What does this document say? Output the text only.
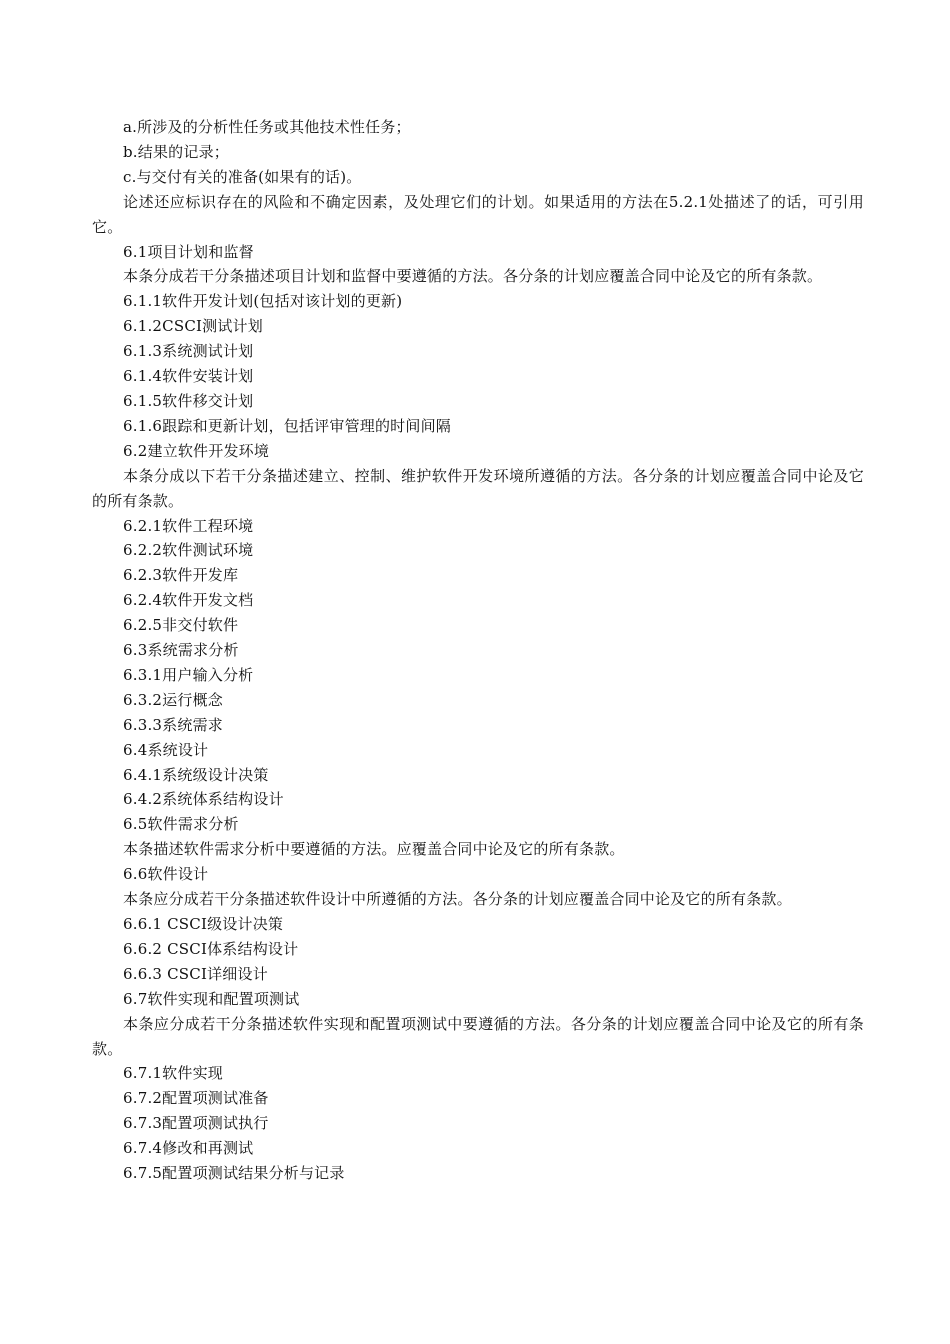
a.所涉及的分析性任务或其他技术性任务；

b.结果的记录；

c.与交付有关的准备(如果有的话)。

论述还应标识存在的风险和不确定因素，及处理它们的计划。如果适用的方法在5.2.1处描述了的话，可引用它。

6.1项目计划和监督

本条分成若干分条描述项目计划和监督中要遵循的方法。各分条的计划应覆盖合同中论及它的所有条款。

6.1.1软件开发计划(包括对该计划的更新)

6.1.2CSCI测试计划

6.1.3系统测试计划

6.1.4软件安装计划

6.1.5软件移交计划

6.1.6跟踪和更新计划，包括评审管理的时间间隔

6.2建立软件开发环境

本条分成以下若干分条描述建立、控制、维护软件开发环境所遵循的方法。各分条的计划应覆盖合同中论及它的所有条款。

6.2.1软件工程环境

6.2.2软件测试环境

6.2.3软件开发库

6.2.4软件开发文档

6.2.5非交付软件

6.3系统需求分析

6.3.1用户输入分析

6.3.2运行概念

6.3.3系统需求

6.4系统设计

6.4.1系统级设计决策

6.4.2系统体系结构设计

6.5软件需求分析

本条描述软件需求分析中要遵循的方法。应覆盖合同中论及它的所有条款。

6.6软件设计

本条应分成若干分条描述软件设计中所遵循的方法。各分条的计划应覆盖合同中论及它的所有条款。

6.6.1 CSCI级设计决策

6.6.2 CSCI体系结构设计

6.6.3 CSCI详细设计

6.7软件实现和配置项测试

本条应分成若干分条描述软件实现和配置项测试中要遵循的方法。各分条的计划应覆盖合同中论及它的所有条款。

6.7.1软件实现

6.7.2配置项测试准备

6.7.3配置项测试执行

6.7.4修改和再测试

6.7.5配置项测试结果分析与记录
